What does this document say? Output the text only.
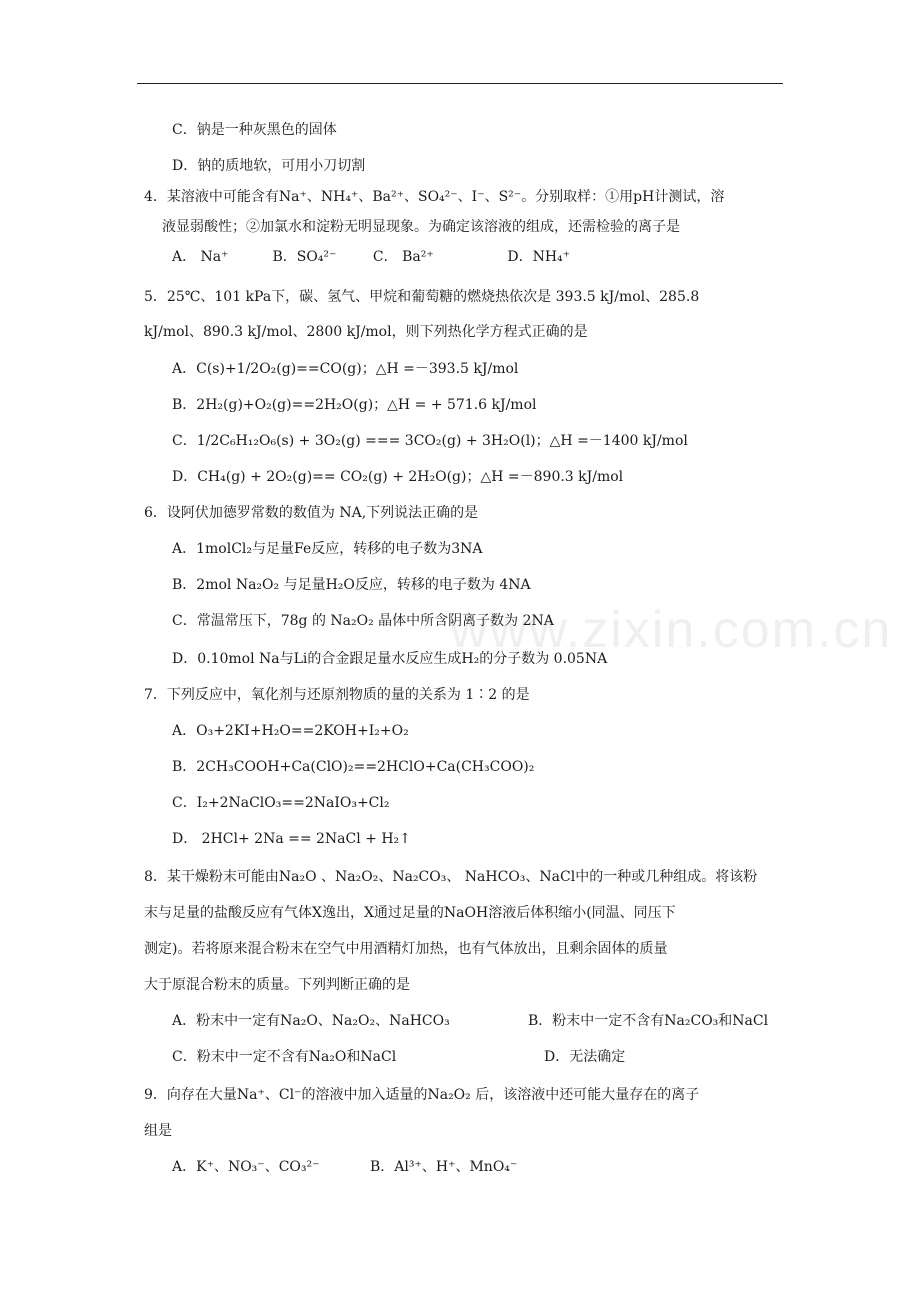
www.zixin.com.cn
C．钠是一种灰黑色的固体
D．钠的质地软，可用小刀切割
4．某溶液中可能含有Na⁺、NH₄⁺、Ba²⁺、SO₄²⁻、I⁻、S²⁻。分别取样：①用pH计测试，溶
液显弱酸性；②加氯水和淀粉无明显现象。为确定该溶液的组成，还需检验的离子是
A． Na⁺	B．SO₄²⁻	C． Ba²⁺	D．NH₄⁺
5．25℃、101 kPa下，碳、氢气、甲烷和葡萄糖的燃烧热依次是 393.5 kJ/mol、285.8
kJ/mol、890.3 kJ/mol、2800 kJ/mol，则下列热化学方程式正确的是
A．C(s)+1/2O₂(g)==CO(g)；△H =－393.5 kJ/mol
B．2H₂(g)+O₂(g)==2H₂O(g)；△H = + 571.6 kJ/mol
C．1/2C₆H₁₂O₆(s) + 3O₂(g) === 3CO₂(g) + 3H₂O(l)；△H =－1400 kJ/mol
D．CH₄(g) + 2O₂(g)== CO₂(g) + 2H₂O(g)；△H =－890.3 kJ/mol
6．设阿伏加德罗常数的数值为 NA,下列说法正确的是
A．1molCl₂与足量Fe反应，转移的电子数为3NA
B．2mol Na₂O₂ 与足量H₂O反应，转移的电子数为 4NA
C．常温常压下，78g 的 Na₂O₂ 晶体中所含阴离子数为 2NA
D．0.10mol Na与Li的合金跟足量水反应生成H₂的分子数为 0.05NA
7．下列反应中，氧化剂与还原剂物质的量的关系为 1∶2 的是
A．O₃+2KI+H₂O==2KOH+I₂+O₂
B．2CH₃COOH+Ca(ClO)₂==2HClO+Ca(CH₃COO)₂
C．I₂+2NaClO₃==2NaIO₃+Cl₂
D． 2HCl+ 2Na == 2NaCl + H₂↑
8．某干燥粉末可能由Na₂O 、Na₂O₂、Na₂CO₃、 NaHCO₃、NaCl中的一种或几种组成。将该粉
末与足量的盐酸反应有气体X逸出，X通过足量的NaOH溶液后体积缩小(同温、同压下
测定)。若将原来混合粉末在空气中用酒精灯加热，也有气体放出，且剩余固体的质量
大于原混合粉末的质量。下列判断正确的是
A．粉末中一定有Na₂O、Na₂O₂、NaHCO₃	B．粉末中一定不含有Na₂CO₃和NaCl
C．粉末中一定不含有Na₂O和NaCl	D．无法确定
9．向存在大量Na⁺、Cl⁻的溶液中加入适量的Na₂O₂ 后，该溶液中还可能大量存在的离子
组是
A．K⁺、NO₃⁻、CO₃²⁻	B．Al³⁺、H⁺、MnO₄⁻
